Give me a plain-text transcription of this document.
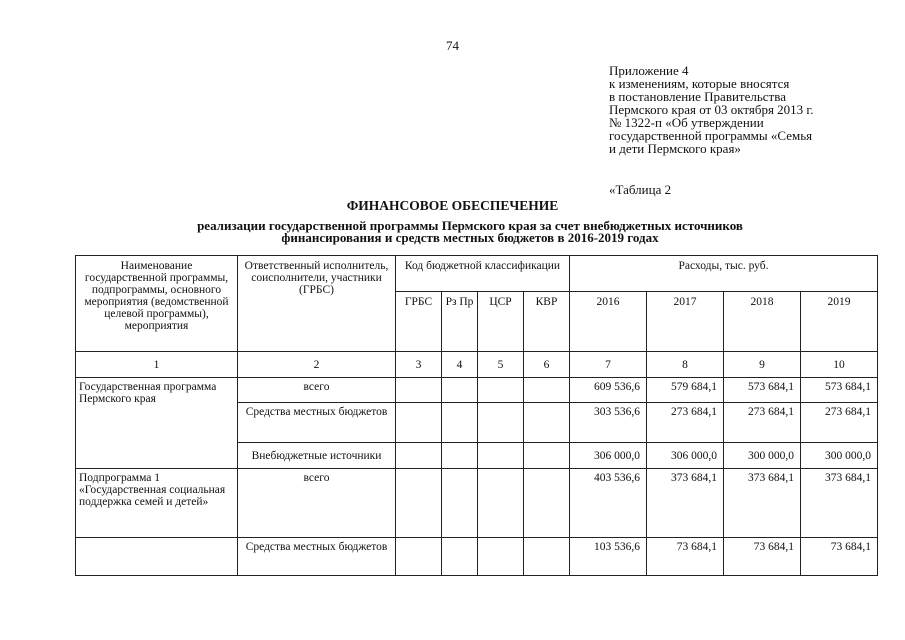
74
Приложение 4
к изменениям, которые вносятся
в постановление Правительства
Пермского края от 03 октября 2013 г.
№ 1322-п «Об утверждении
государственной программы «Семья
и дети Пермского края»
«Таблица 2
ФИНАНСОВОЕ ОБЕСПЕЧЕНИЕ
реализации государственной программы Пермского края за счет внебюджетных источников
финансирования и средств местных бюджетов в 2016-2019 годах
Наименование государственной программы, подпрограммы, основного мероприятия (ведомственной целевой программы), мероприятия	Ответственный исполнитель, соисполнители, участники (ГРБС)	Код бюджетной классификации				Расходы, тыс. руб.			
		ГРБС	Рз Пр	ЦСР	КВР	2016	2017	2018	2019
1	2	3	4	5	6	7	8	9	10
Государственная программа Пермского края	всего					609 536,6	579 684,1	573 684,1	573 684,1
	Средства местных бюджетов					303 536,6	273 684,1	273 684,1	273 684,1
	Внебюджетные источники					306 000,0	306 000,0	300 000,0	300 000,0
Подпрограмма 1 «Государственная социальная поддержка семей и детей»	всего					403 536,6	373 684,1	373 684,1	373 684,1
	Средства местных бюджетов					103 536,6	73 684,1	73 684,1	73 684,1
